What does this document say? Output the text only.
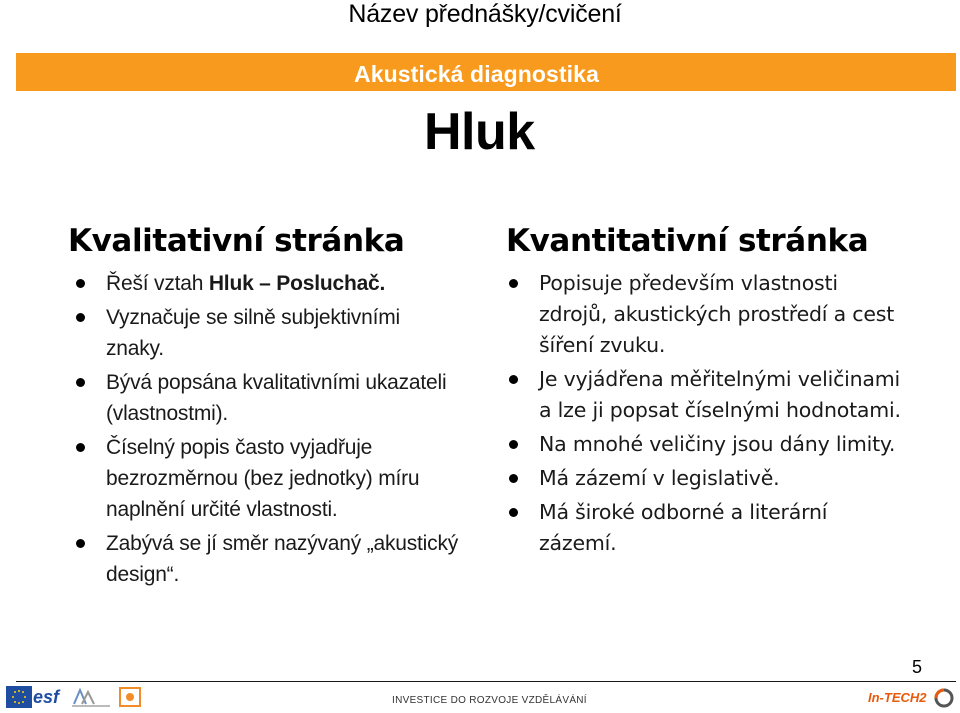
Název přednášky/cvičení
Akustická diagnostika
Hluk
Kvalitativní stránka
Řeší vztah Hluk – Posluchač.
Vyznačuje se silně subjektivními znaky.
Bývá popsána kvalitativními ukazateli (vlastnostmi).
Číselný popis často vyjadřuje bezrozměrnou (bez jednotky) míru naplnění určité vlastnosti.
Zabývá se jí směr nazývaný „akustický design“.
Kvantitativní stránka
Popisuje především vlastnosti zdrojů, akustických prostředí a cest šíření zvuku.
Je vyjádřena měřitelnými veličinami a lze ji popsat číselnými hodnotami.
Na mnohé veličiny jsou dány limity.
Má zázemí v legislativě.
Má široké odborné a literární zázemí.
5
INVESTICE DO ROZVOJE VZDĚLÁVÁNÍ
esf	In-TECH2
